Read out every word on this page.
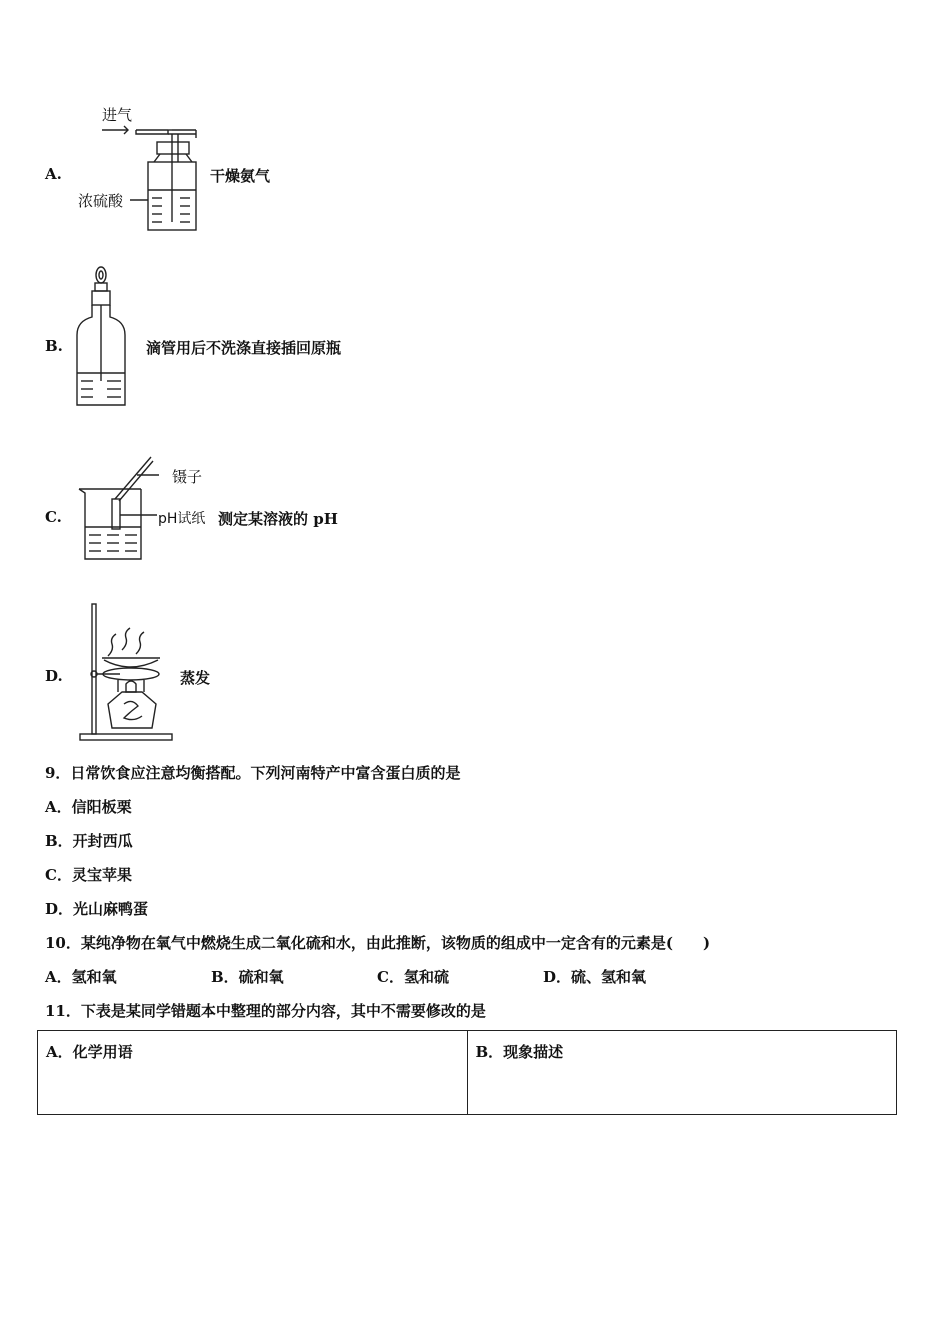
A.
进气
浓硫酸
干燥氨气
B.	滴管用后不洗涤直接插回原瓶
C.
镊子
pH试纸 测定某溶液的 pH
D.	蒸发
9．日常饮食应注意均衡搭配。下列河南特产中富含蛋白质的是
A．信阳板栗
B．开封西瓜
C．灵宝苹果
D．光山麻鸭蛋
10．某纯净物在氧气中燃烧生成二氧化硫和水，由此推断，该物质的组成中一定含有的元素是(　　)
A．氢和氧	B．硫和氧	C．氢和硫	D．硫、氢和氧
11．下表是某同学错题本中整理的部分内容，其中不需要修改的是
A．化学用语	B．现象描述
